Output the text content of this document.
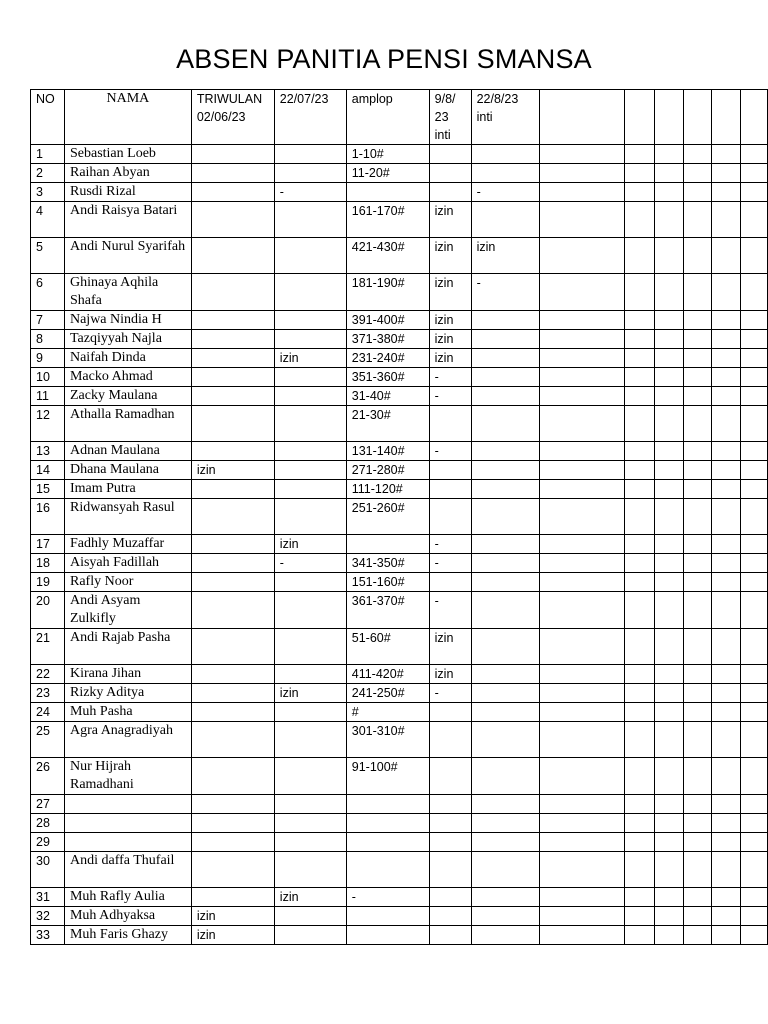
ABSEN PANITIA PENSI SMANSA
NO	NAMA	TRIWULAN 02/06/23	22/07/23	amplop	9/8/ 23 inti	22/8/23 inti						
1	Sebastian Loeb			1-10#								
2	Raihan Abyan			11-20#								
3	Rusdi Rizal		-			-						
4	Andi Raisya Batari			161-170#	izin							
5	Andi Nurul Syarifah			421-430#	izin	izin						
6	Ghinaya Aqhila Shafa			181-190#	izin	-						
7	Najwa Nindia H			391-400#	izin							
8	Tazqiyyah Najla			371-380#	izin							
9	Naifah Dinda		izin	231-240#	izin							
10	Macko Ahmad			351-360#	-							
11	Zacky Maulana			31-40#	-							
12	Athalla Ramadhan			21-30#								
13	Adnan Maulana			131-140#	-							
14	Dhana Maulana	izin		271-280#								
15	Imam Putra			111-120#								
16	Ridwansyah Rasul			251-260#								
17	Fadhly Muzaffar		izin		-							
18	Aisyah Fadillah		-	341-350#	-							
19	Rafly Noor			151-160#								
20	Andi Asyam Zulkifly			361-370#	-							
21	Andi Rajab Pasha			51-60#	izin							
22	Kirana Jihan			411-420#	izin							
23	Rizky Aditya		izin	241-250#	-							
24	Muh Pasha			#								
25	Agra Anagradiyah			301-310#								
26	Nur Hijrah Ramadhani			91-100#								
27												
28												
29												
30	Andi daffa Thufail											
31	Muh Rafly Aulia		izin	-								
32	Muh Adhyaksa	izin										
33	Muh Faris Ghazy	izin										
